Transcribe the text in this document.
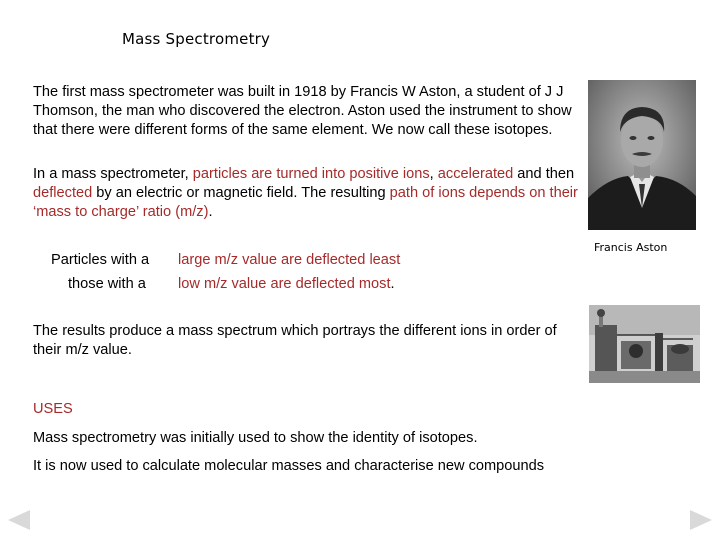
Mass Spectrometry
The first mass spectrometer was built in 1918 by Francis W Aston, a student of J J Thomson, the man who discovered the electron. Aston used the instrument to show that there were different forms of the same element. We now call these isotopes.
In a mass spectrometer, particles are turned into positive ions, accelerated and then deflected by an electric or magnetic field. The resulting path of ions depends on their ‘mass to charge’ ratio (m/z).
Particles with a large m/z value are deflected least
those with a low m/z value are deflected most.
The results produce a mass spectrum which portrays the different ions in order of their m/z value.
USES
Mass spectrometry was initially used to show the identity of isotopes.
It is now used to calculate molecular masses and characterise new compounds
Francis Aston
